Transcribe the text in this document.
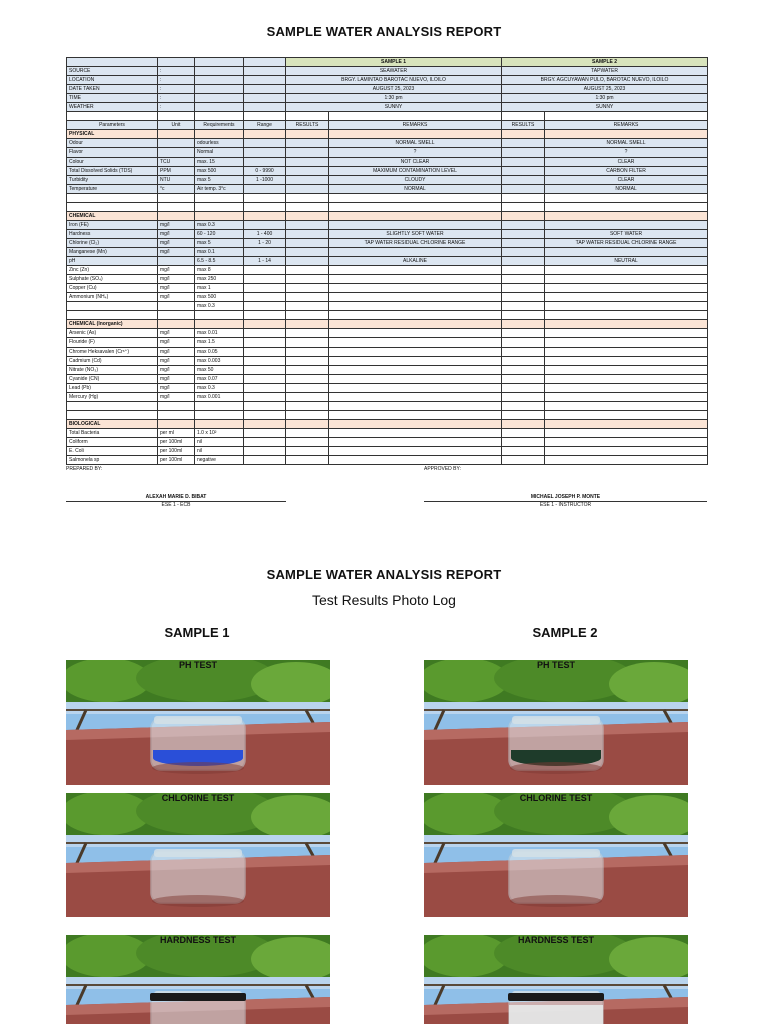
SAMPLE WATER ANALYSIS REPORT
				SAMPLE 1		SAMPLE 2	
SOURCE	:			SEAWATER		TAPWATER	
LOCATION	:			BRGY. LAMINTAO BAROTAC NUEVO, ILOILO		BRGY. AGCUYAWAN PULO, BAROTAC NUEVO, ILOILO	
DATE TAKEN	:			AUGUST 25, 2023		AUGUST 25, 2023	
TIME	:			1:30 pm		1:30 pm	
WEATHER	:			SUNNY		SUNNY	

Parameters	Unit	Requirements	Range	RESULTS	REMARKS	RESULTS	REMARKS
PHYSICAL							
Odour		odourless			NORMAL SMELL		NORMAL SMELL
Flavor		Normal			?		?
Colour	TCU	max. 15			NOT CLEAR		CLEAR
Total Dissolved Solids (TDS)	PPM	max 500	0 - 9990		MAXIMUM CONTAMINATION LEVEL		CARBON FILTER
Turbidity	NTU	max 5	1 -1000		CLOUDY		CLEAR
Temperature	°c	Air temp. 3°c			NORMAL		NORMAL

CHEMICAL							
Iron (FE)	mg/l	max 0.3					
Hardness	mg/l	60 - 120	1 - 400		SLIGHTLY SOFT WATER		SOFT WATER
Chlorine (Cl₂)	mg/l	max 5	1 - 20		TAP WATER RESIDUAL CHLORINE RANGE		TAP WATER RESIDUAL CHLORINE RANGE
Manganese (Mn)	mg/l	max 0.1					
pH		6.5 - 8.5	1 - 14		ALKALINE		NEUTRAL
Zinc (Zn)	mg/l	max 8					
Sulphate (SO₄)	mg/l	max 250					
Copper (Cu)	mg/l	max 1					
Ammonium (NH₄)	mg/l	max 500					
		max 0.3					

CHEMICAL (Inorganic)							
Arsenic (As)	mg/l	max 0.01					
Flouride (F)	mg/l	max 1.5					
Chrome Heksavalen (Cr⁶⁺)	mg/l	max 0.05					
Cadmium (Cd)	mg/l	max 0.003					
Nitrate (NO₃)	mg/l	max 50					
Cyanide (CN)	mg/l	max 0.07					
Lead (Pb)	mg/l	max 0.3					
Mercury (Hg)	mg/l	max 0.001					

BIOLOGICAL							
Total Bacteria	per ml	1.0 x 10²					
Coliform	per 100ml	nil					
E. Coli	per 100ml	nil					
Salmonela sp	per 100ml	negative					
PREPARED BY:	APPROVED BY:
ALEXAH MARIE D. BIBAT
ESE 1 - ECB
MICHAEL JOSEPH P. MONTE
ESE 1 - INSTRUCTOR
SAMPLE WATER ANALYSIS REPORT
Test Results Photo Log
SAMPLE 1	SAMPLE 2
PH TEST	PH TEST
CHLORINE TEST	CHLORINE TEST
HARDNESS TEST	HARDNESS TEST
